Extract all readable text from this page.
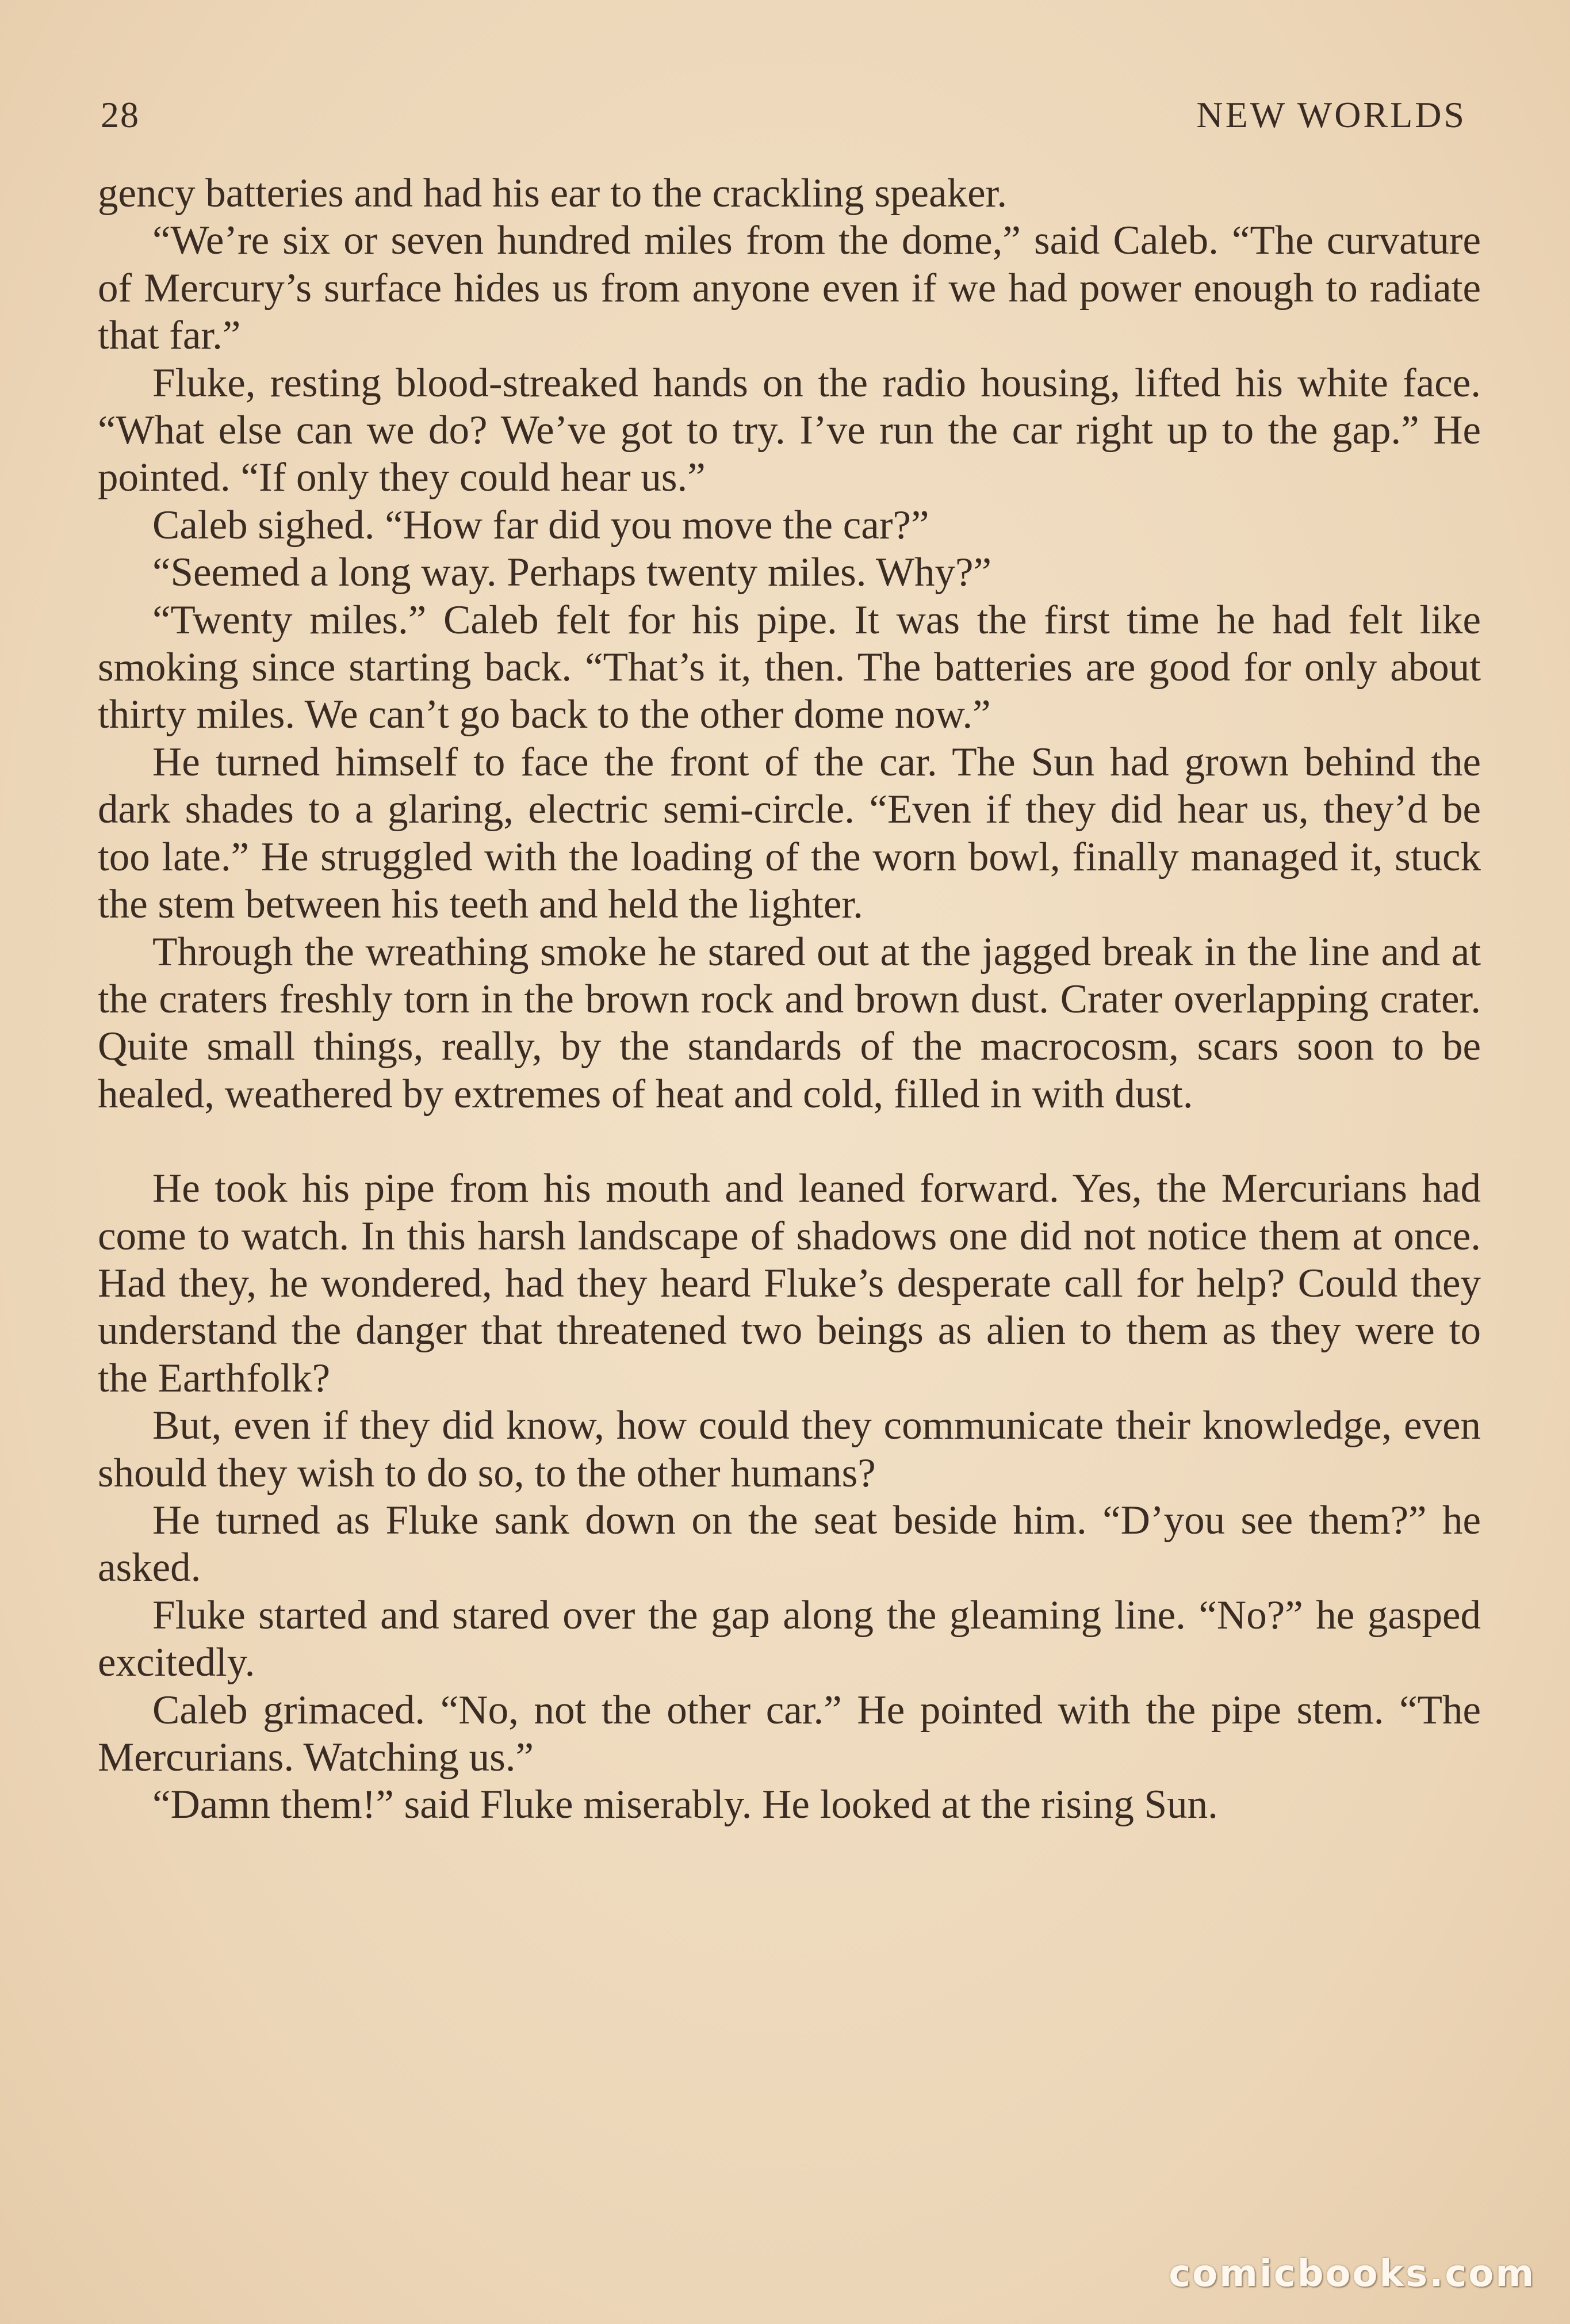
28	NEW WORLDS

gency batteries and had his ear to the crackling speaker.

“We’re six or seven hundred miles from the dome,” said Caleb. “The curvature of Mercury’s surface hides us from anyone even if we had power enough to radiate that far.”

Fluke, resting blood-streaked hands on the radio housing, lifted his white face. “What else can we do? We’ve got to try. I’ve run the car right up to the gap.” He pointed. “If only they could hear us.”

Caleb sighed. “How far did you move the car?”

“Seemed a long way. Perhaps twenty miles. Why?”

“Twenty miles.” Caleb felt for his pipe. It was the first time he had felt like smoking since starting back. “That’s it, then. The batteries are good for only about thirty miles. We can’t go back to the other dome now.”

He turned himself to face the front of the car. The Sun had grown behind the dark shades to a glaring, electric semi-circle. “Even if they did hear us, they’d be too late.” He struggled with the loading of the worn bowl, finally managed it, stuck the stem between his teeth and held the lighter.

Through the wreathing smoke he stared out at the jagged break in the line and at the craters freshly torn in the brown rock and brown dust. Crater overlapping crater. Quite small things, really, by the standards of the macrocosm, scars soon to be healed, weathered by extremes of heat and cold, filled in with dust.

He took his pipe from his mouth and leaned forward. Yes, the Mercurians had come to watch. In this harsh landscape of shadows one did not notice them at once. Had they, he wondered, had they heard Fluke’s desperate call for help? Could they understand the danger that threatened two beings as alien to them as they were to the Earthfolk?

But, even if they did know, how could they communicate their knowledge, even should they wish to do so, to the other humans?

He turned as Fluke sank down on the seat beside him. “D’you see them?” he asked.

Fluke started and stared over the gap along the gleaming line. “No?” he gasped excitedly.

Caleb grimaced. “No, not the other car.” He pointed with the pipe stem. “The Mercurians. Watching us.”

“Damn them!” said Fluke miserably. He looked at the rising Sun.

comicbooks.com
